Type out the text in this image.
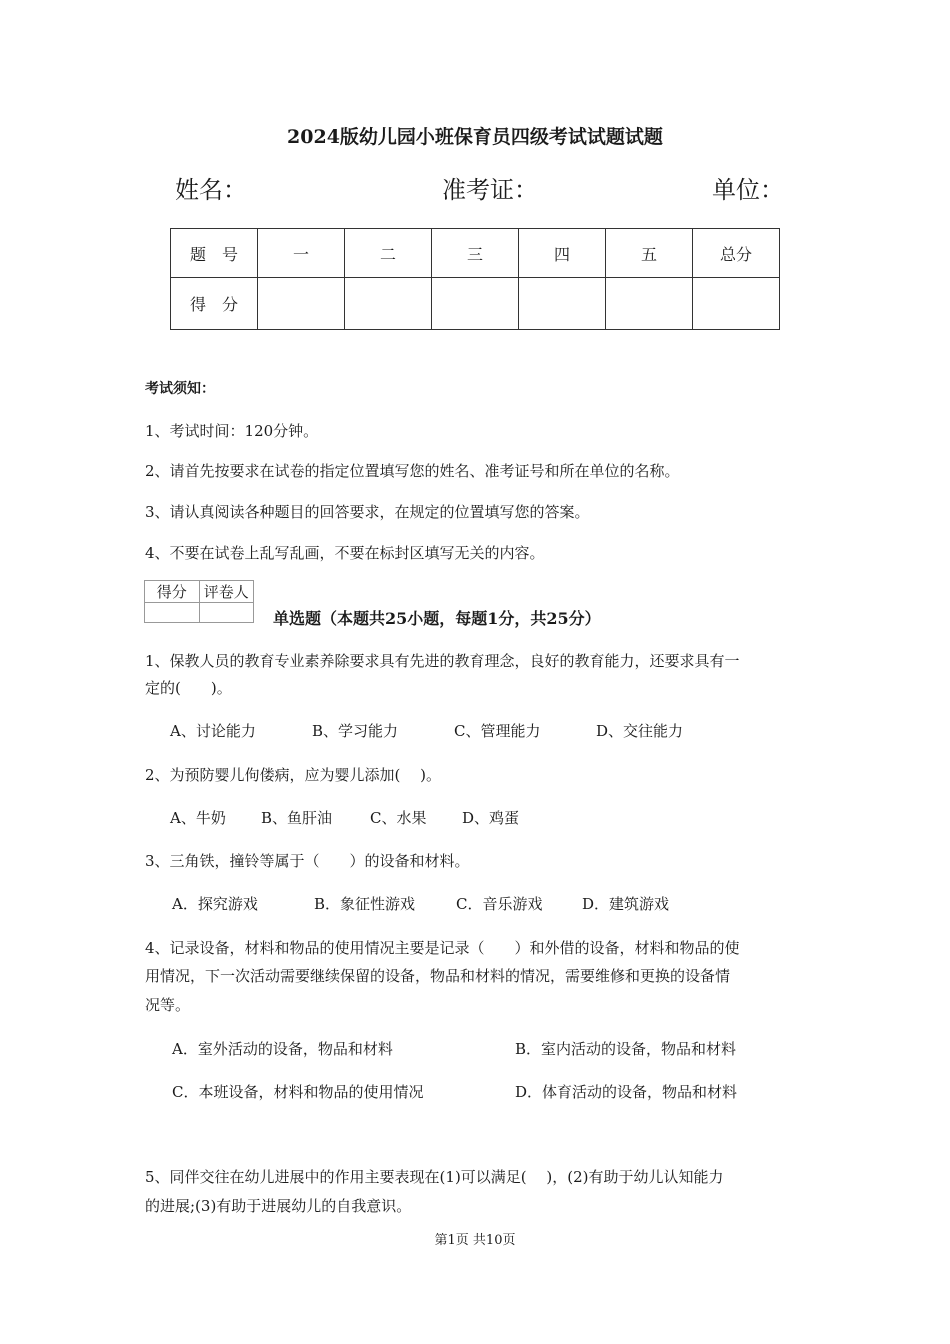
2024版幼儿园小班保育员四级考试试题试题
姓名：	准考证：	单位：
题　号	一	二	三	四	五	总分
得　分						
考试须知：
1、考试时间：120分钟。
2、请首先按要求在试卷的指定位置填写您的姓名、准考证号和所在单位的名称。
3、请认真阅读各种题目的回答要求，在规定的位置填写您的答案。
4、不要在试卷上乱写乱画，不要在标封区填写无关的内容。
得分	评卷人

单选题（本题共25小题，每题1分，共25分）
1、保教人员的教育专业素养除要求具有先进的教育理念，良好的教育能力，还要求具有一
定的(　　)。
A、讨论能力	B、学习能力	C、管理能力	D、交往能力
2、为预防婴儿佝偻病，应为婴儿添加(　 )。
A、牛奶 B、鱼肝油	C、水果 D、鸡蛋
3、三角铁，撞铃等属于（　　）的设备和材料。
A．探究游戏	B．象征性游戏	C．音乐游戏	D．建筑游戏
4、记录设备，材料和物品的使用情况主要是记录（　　）和外借的设备，材料和物品的使
用情况，下一次活动需要继续保留的设备，物品和材料的情况，需要维修和更换的设备情
况等。
A．室外活动的设备，物品和材料	B．室内活动的设备，物品和材料
C．本班设备，材料和物品的使用情况	D．体育活动的设备，物品和材料
5、同伴交往在幼儿进展中的作用主要表现在(1)可以满足(　 )，(2)有助于幼儿认知能力
的进展;(3)有助于进展幼儿的自我意识。
第1页 共10页
